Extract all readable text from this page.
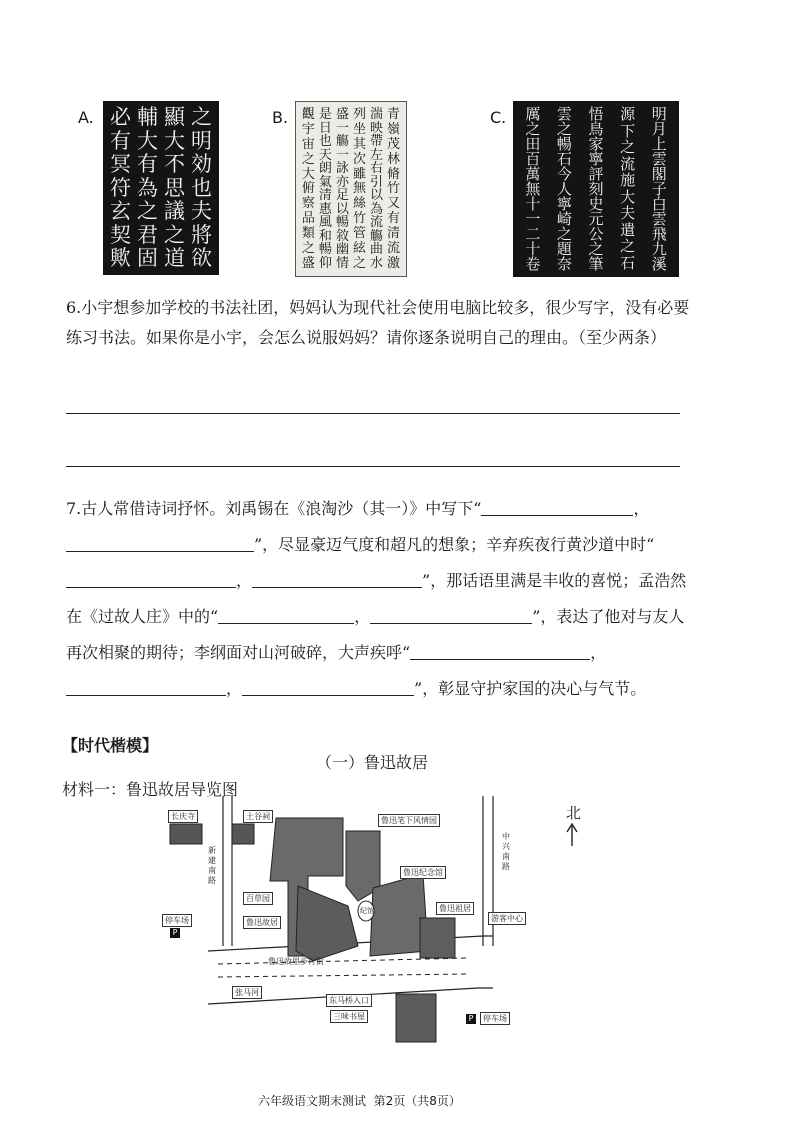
A.	之
明
効
也
夫
將
欲
顯
大
不
思
議
之
道
輔
大
有
為
之
君
固
必
有
冥
符
玄
契
歟
B.	青
嶺
茂
林
脩
竹
又
有
清
流
激
湍
映
帶
左
右
引
以
為
流
觴
曲
水
列
坐
其
次
雖
無
絲
竹
管
絃
之
盛
一
觴
一
詠
亦
足
以
暢
敘
幽
情
是
日
也
天
朗
氣
清
惠
風
和
暢
仰
觀
宇
宙
之
大
俯
察
品
類
之
盛
C.	明
月
上
雲
閣
子
白
雲
飛
九
溪
源
下
之
流
施
大
夫
遣
之
石
悟
鳥
家
寧
評
刻
史
元
公
之
筆
雲
之
暢
石
今
人
寧
崎
之
題
奈
厲
之
田
百
萬
無
十
一
二
十
卷
6.小宇想参加学校的书法社团，妈妈认为现代社会使用电脑比较多，很少写字，没有必要练习书法。如果你是小宇，会怎么说服妈妈？请你逐条说明自己的理由。（至少两条）
7.古人常借诗词抒怀。刘禹锡在《浪淘沙（其一）》中写下“	，”，尽显豪迈气度和超凡的想象；辛弃疾夜行黄沙道中时“，	”，那话语里满是丰收的喜悦；孟浩然在《过故人庄》中的“	，	”，表达了他对与友人再次相聚的期待；李纲面对山河破碎，大声疾呼“	，，	”，彰显守护家国的决心与气节。
【时代楷模】
（一）鲁迅故居
材料一：鲁迅故居导览图
长庆寺	土谷祠	鲁迅笔下风情园
鲁迅纪念馆
百草园
鲁迅故居
鲁迅祖居
游客中心
停车场
张马河
东马桥入口
三味书屋	停车场
鲁迅故里步行街
纪馆
新建南路
中兴南路
北
P
P
六年级语文期末测试  第2页（共8页）
